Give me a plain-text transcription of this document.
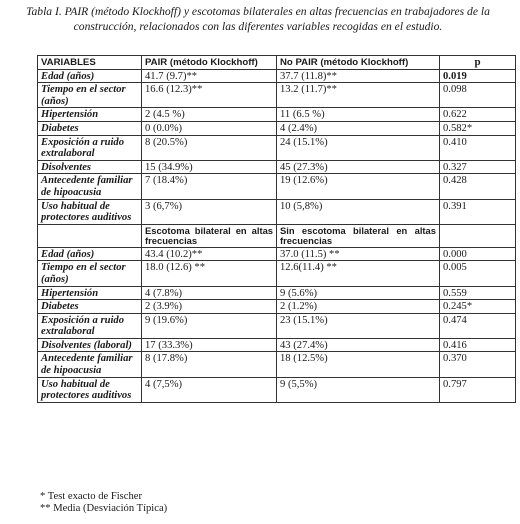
Tabla I. PAIR (método Klockhoff) y escotomas bilaterales en altas frecuencias en trabajadores de la
construcción, relacionados con las diferentes variables recogidas en el estudio.
VARIABLES	PAIR (método Klockhoff)	No PAIR (método Klockhoff)	p
Edad (años)	41.7 (9.7)**	37.7 (11.8)**	0.019
Tiempo en el sector (años)	16.6 (12.3)**	13.2 (11.7)**	0.098
Hipertensión	2 (4.5 %)	11 (6.5 %)	0.622
Diabetes	0 (0.0%)	4 (2.4%)	0.582*
Exposición a ruido extralaboral	8 (20.5%)	24 (15.1%)	0.410
Disolventes	15 (34.9%)	45 (27.3%)	0.327
Antecedente familiar de hipoacusia	7 (18.4%)	19 (12.6%)	0.428
Uso habitual de protectores auditivos	3 (6,7%)	10 (5,8%)	0.391
	Escotoma bilateral en altas frecuencias	Sin escotoma bilateral en altas frecuencias	
Edad (años)	43.4 (10.2)**	37.0 (11.5) **	0.000
Tiempo en el sector (años)	18.0 (12.6) **	12.6(11.4) **	0.005
Hipertensión	4 (7.8%)	9 (5.6%)	0.559
Diabetes	2 (3.9%)	2 (1.2%)	0.245*
Exposición a ruido extralaboral	9 (19.6%)	23 (15.1%)	0.474
Disolventes (laboral)	17 (33.3%)	43 (27.4%)	0.416
Antecedente familiar de hipoacusia	8 (17.8%)	18 (12.5%)	0.370
Uso habitual de protectores auditivos	4 (7,5%)	9 (5,5%)	0.797
* Test exacto de Fischer
** Media (Desviación Típica)
